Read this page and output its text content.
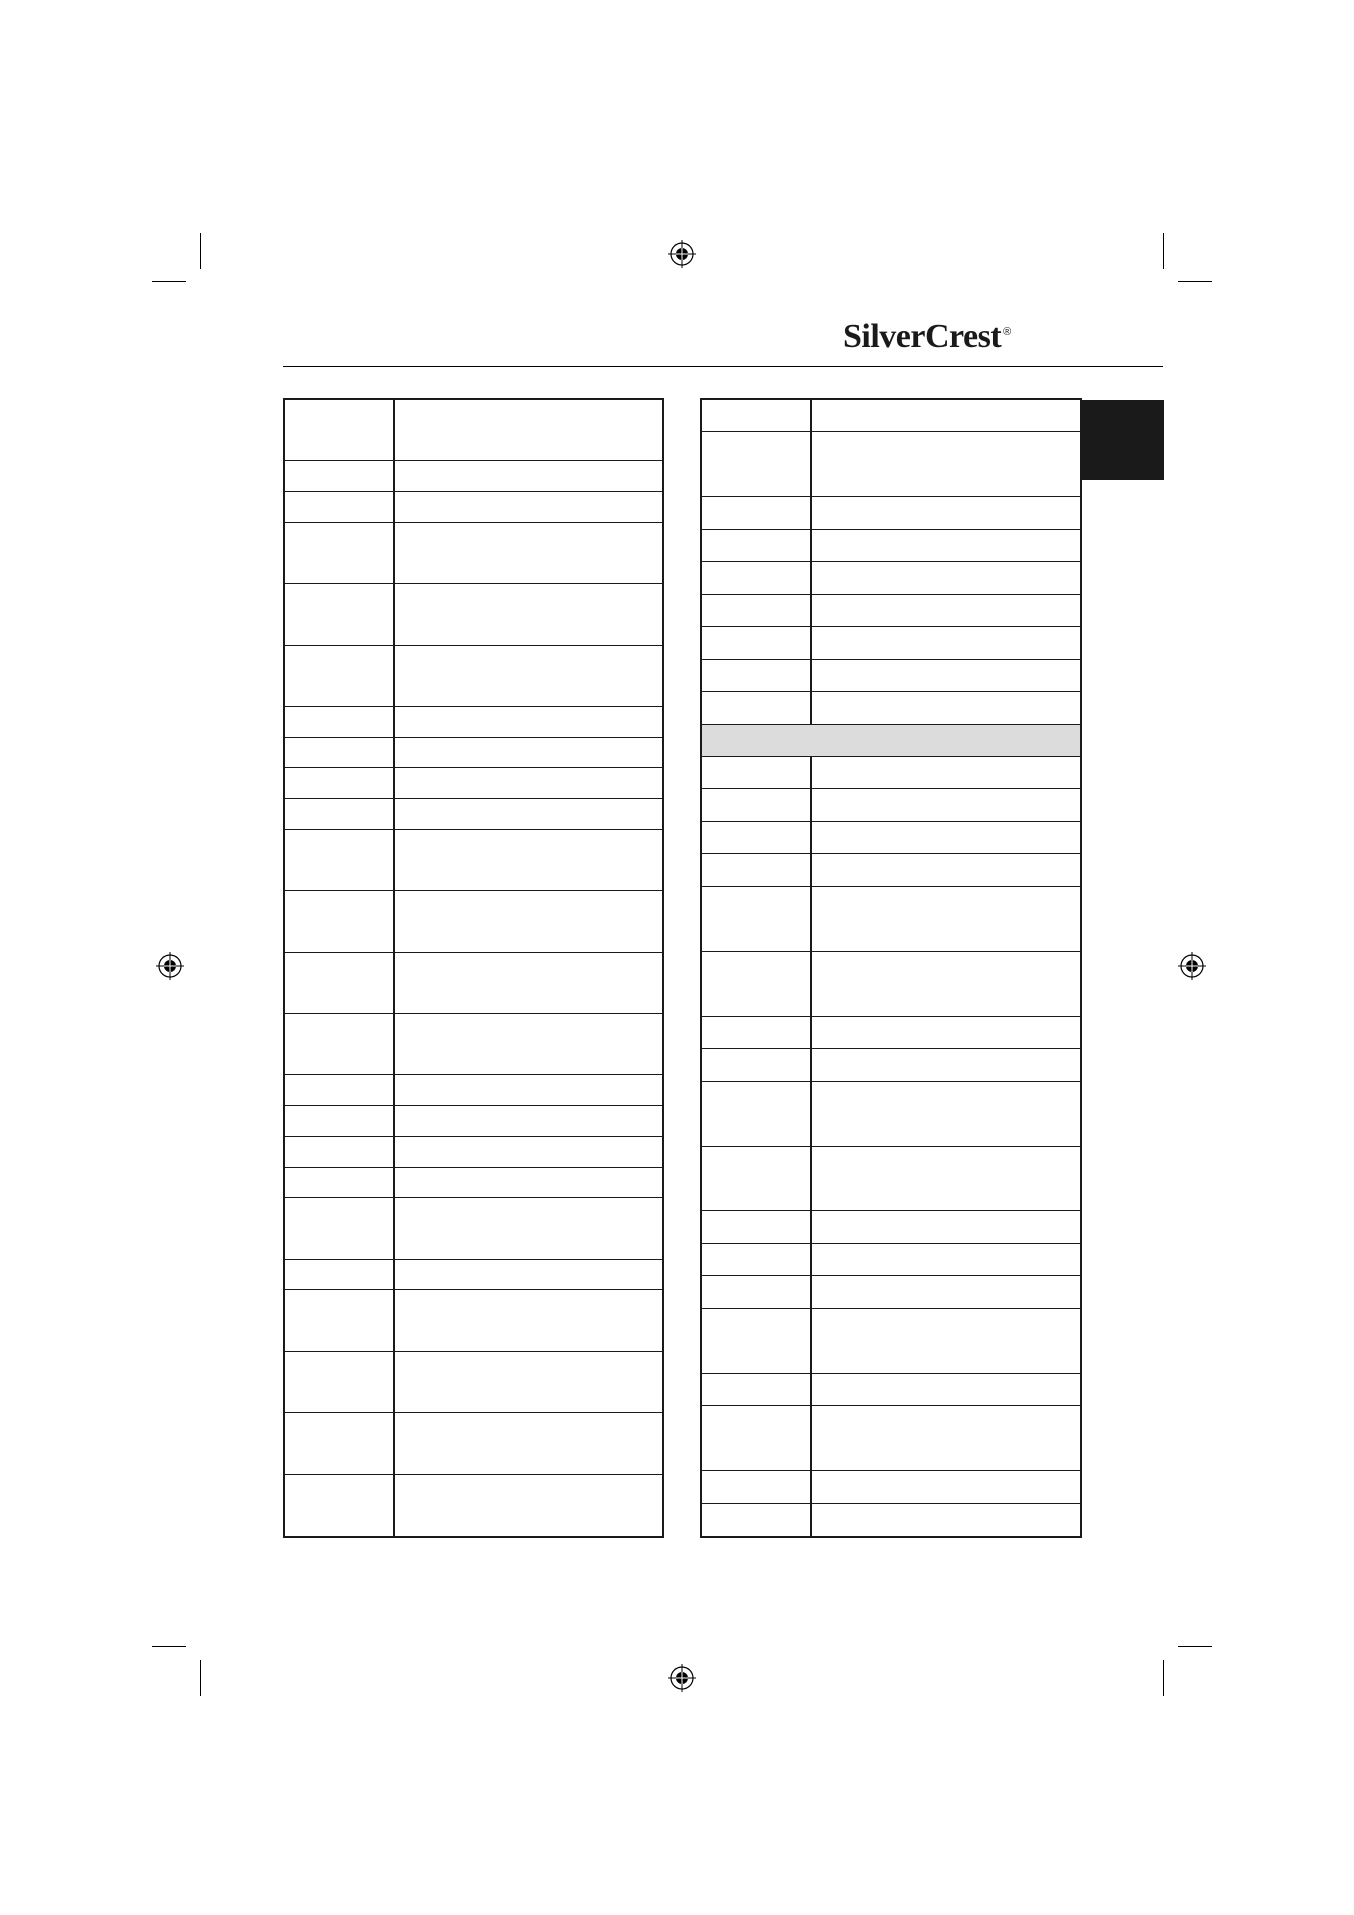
SilverCrest ®
